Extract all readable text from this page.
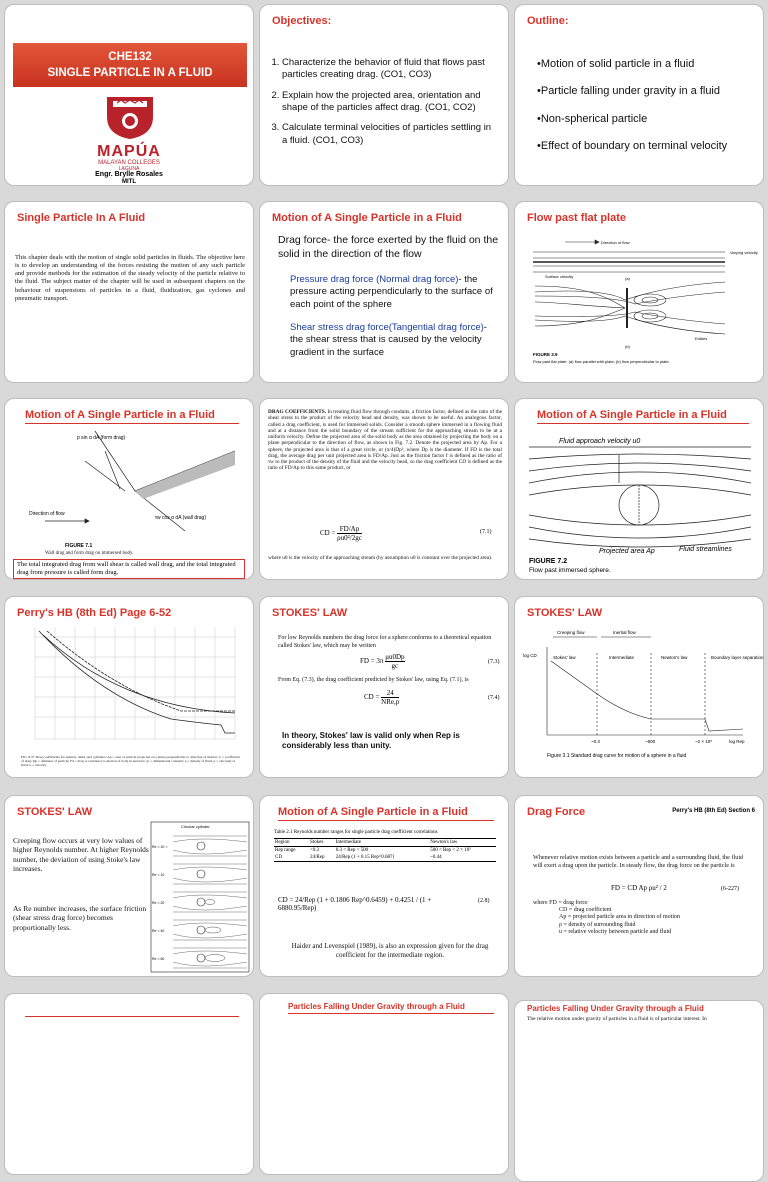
CHE132
SINGLE PARTICLE IN A FLUID
MAPÚA
MALAYAN COLLEGES
LAGUNA
Engr. Brylle Rosales
MITL
Objectives:
1. Characterize the behavior of fluid that flows past particles creating drag. (CO1, CO3)
2. Explain how the projected area, orientation and shape of the particles affect drag. (CO1, CO2)
3. Calculate terminal velocities of particles settling in a fluid. (CO1, CO3)
Outline:
•Motion of solid particle in a fluid
•Particle falling under gravity in a fluid
•Non-spherical particle
•Effect of boundary on terminal velocity
Single Particle In A Fluid
This chapter deals with the motion of single solid particles in fluids. The objective here is to develop an understanding of the forces resisting the motion of any such particle and provide methods for the estimation of the steady velocity of the particle relative to the fluid. The subject matter of the chapter will be used in subsequent chapters on the behaviour of suspensions of particles in a fluid, fluidization, gas cyclones and pneumatic transport.
Motion of A Single Particle in a Fluid
Drag force- the force exerted by the fluid on the solid in the direction of the flow
Pressure drag force (Normal drag force)- the pressure acting perpendicularly to the surface of each point of the sphere
Shear stress drag force(Tangential drag force)- the shear stress that is caused by the velocity gradient in the surface
Flow past flat plate
Direction of flow
Varying velocity
Surface velocity	(a)
(b)
Eddies
FIGURE 3.9
Flow past flat plate: (a) flow parallel with plate; (b) flow perpendicular to plate.
Motion of A Single Particle in a Fluid
p sin α dA (form drag)
τw cos α dA (wall drag)
Direction of flow
FIGURE 7.1
Wall drag and form drag on immersed body.
The total integrated drag from wall shear is called wall drag, and the total integrated drag from pressure is called form drag.
DRAG COEFFICIENTS. In treating fluid flow through conduits, a friction factor, defined as the ratio of the shear stress to the product of the velocity head and density, was shown to be useful. An analogous factor, called a drag coefficient, is used for immersed solids. Consider a smooth sphere immersed in a flowing fluid and at a distance from the solid boundary of the stream sufficient for the approaching stream to be at a uniform velocity. Define the projected area of the solid body as the area obtained by projecting the body on a plane perpendicular to the direction of flow, as shown in Fig. 7.2. Denote the projected area by Ap. For a sphere, the projected area is that of a great circle, or (π/4)Dp², where Dp is the diameter. If FD is the total drag, the average drag per unit projected area is FD/Ap. Just as the friction factor f is defined as the ratio of τw to the product of the density of the fluid and the velocity head, so the drag coefficient CD is defined as the ratio of FD/Ap to this same product, or
CD = $\frac{FD/Ap}{\text{ρu0²/2gc}}$	(7.1)
where u0 is the velocity of the approaching stream (by assumption u0 is constant over the projected area).
Motion of A Single Particle in a Fluid
Fluid approach velocity u0
Projected area Ap	Fluid streamlines
FIGURE 7.2
Flow past immersed sphere.
Perry's HB (8th Ed) Page 6-52
FIG. 6-57 Drag coefficients for spheres, disks, and cylinders: Ap = area of particle projected on a plane perpendicular to direction of motion; C = coefficient of drag; Dp = diameter of particle; Fd = drag or resistance to motion of body in newtons; gc = dimensional constant; ρ = density of fluid; μ = viscosity of fluid; u = velocity.
STOKES' LAW
For low Reynolds numbers the drag force for a sphere conforms to a theoretical equation called Stokes' law, which may be written
FD = $3\pi \frac{\mu u0Dp}{gc}$	(7.3)
From Eq. (7.3), the drag coefficient predicted by Stokes' law, using Eq. (7.1), is
CD =
24
NRe,p	(7.4)
In theory, Stokes' law is valid only when Rep is considerably less than unity.
STOKES' LAW
Creeping flow	Inertial flow
Stokes' law	Intermediate	Newton's law	Boundary layer separation
log CD
log Rep
~0.3	~500	~2 × 10⁵
Figure 3.1 Standard drag curve for motion of a sphere in a fluid
STOKES' LAW
Creeping flow occurs at very low values of higher Reynolds number. At higher Reynolds number, the deviation of using Stoke's law increases.
As Re number increases, the surface friction (shear stress drag force) becomes proportionally less.
Circular cylinder
Re = 10⁻²
Re = 10
Re = 20
Re = 40
Re = 60
Motion of A Single Particle in a Fluid
Table 2.1 Reynolds number ranges for single particle drag coefficient correlations
Region	Stokes	Intermediate	Newton's law
Rep range	<0.3	0.3 < Rep < 500	500 < Rep < 2 × 10⁵
CD	24/Rep	24/Rep (1 + 0.15 Rep^0.687)	~0.44
CD = 24/Rep (1 + 0.1806 Rep^0.6459) + 0.4251 / (1 + 6880.95/Rep)
(2.8)
Haider and Levenspiel (1989), is also an expression given for the drag coefficient for the intermediate region.
Drag Force	Perry's HB (8th Ed) Section 6
Whenever relative motion exists between a particle and a surrounding fluid, the fluid will exert a drag upon the particle. In steady flow, the drag force on the particle is
FD = CD Ap ρu² / 2	(6-227)
where FD = drag force
CD = drag coefficient
Ap = projected particle area in direction of motion
ρ = density of surrounding fluid
u = relative velocity between particle and fluid
Particles Falling Under Gravity through a Fluid	Particles Falling Under Gravity through a Fluid
The relative motion under gravity of particles in a fluid is of particular interest. In
